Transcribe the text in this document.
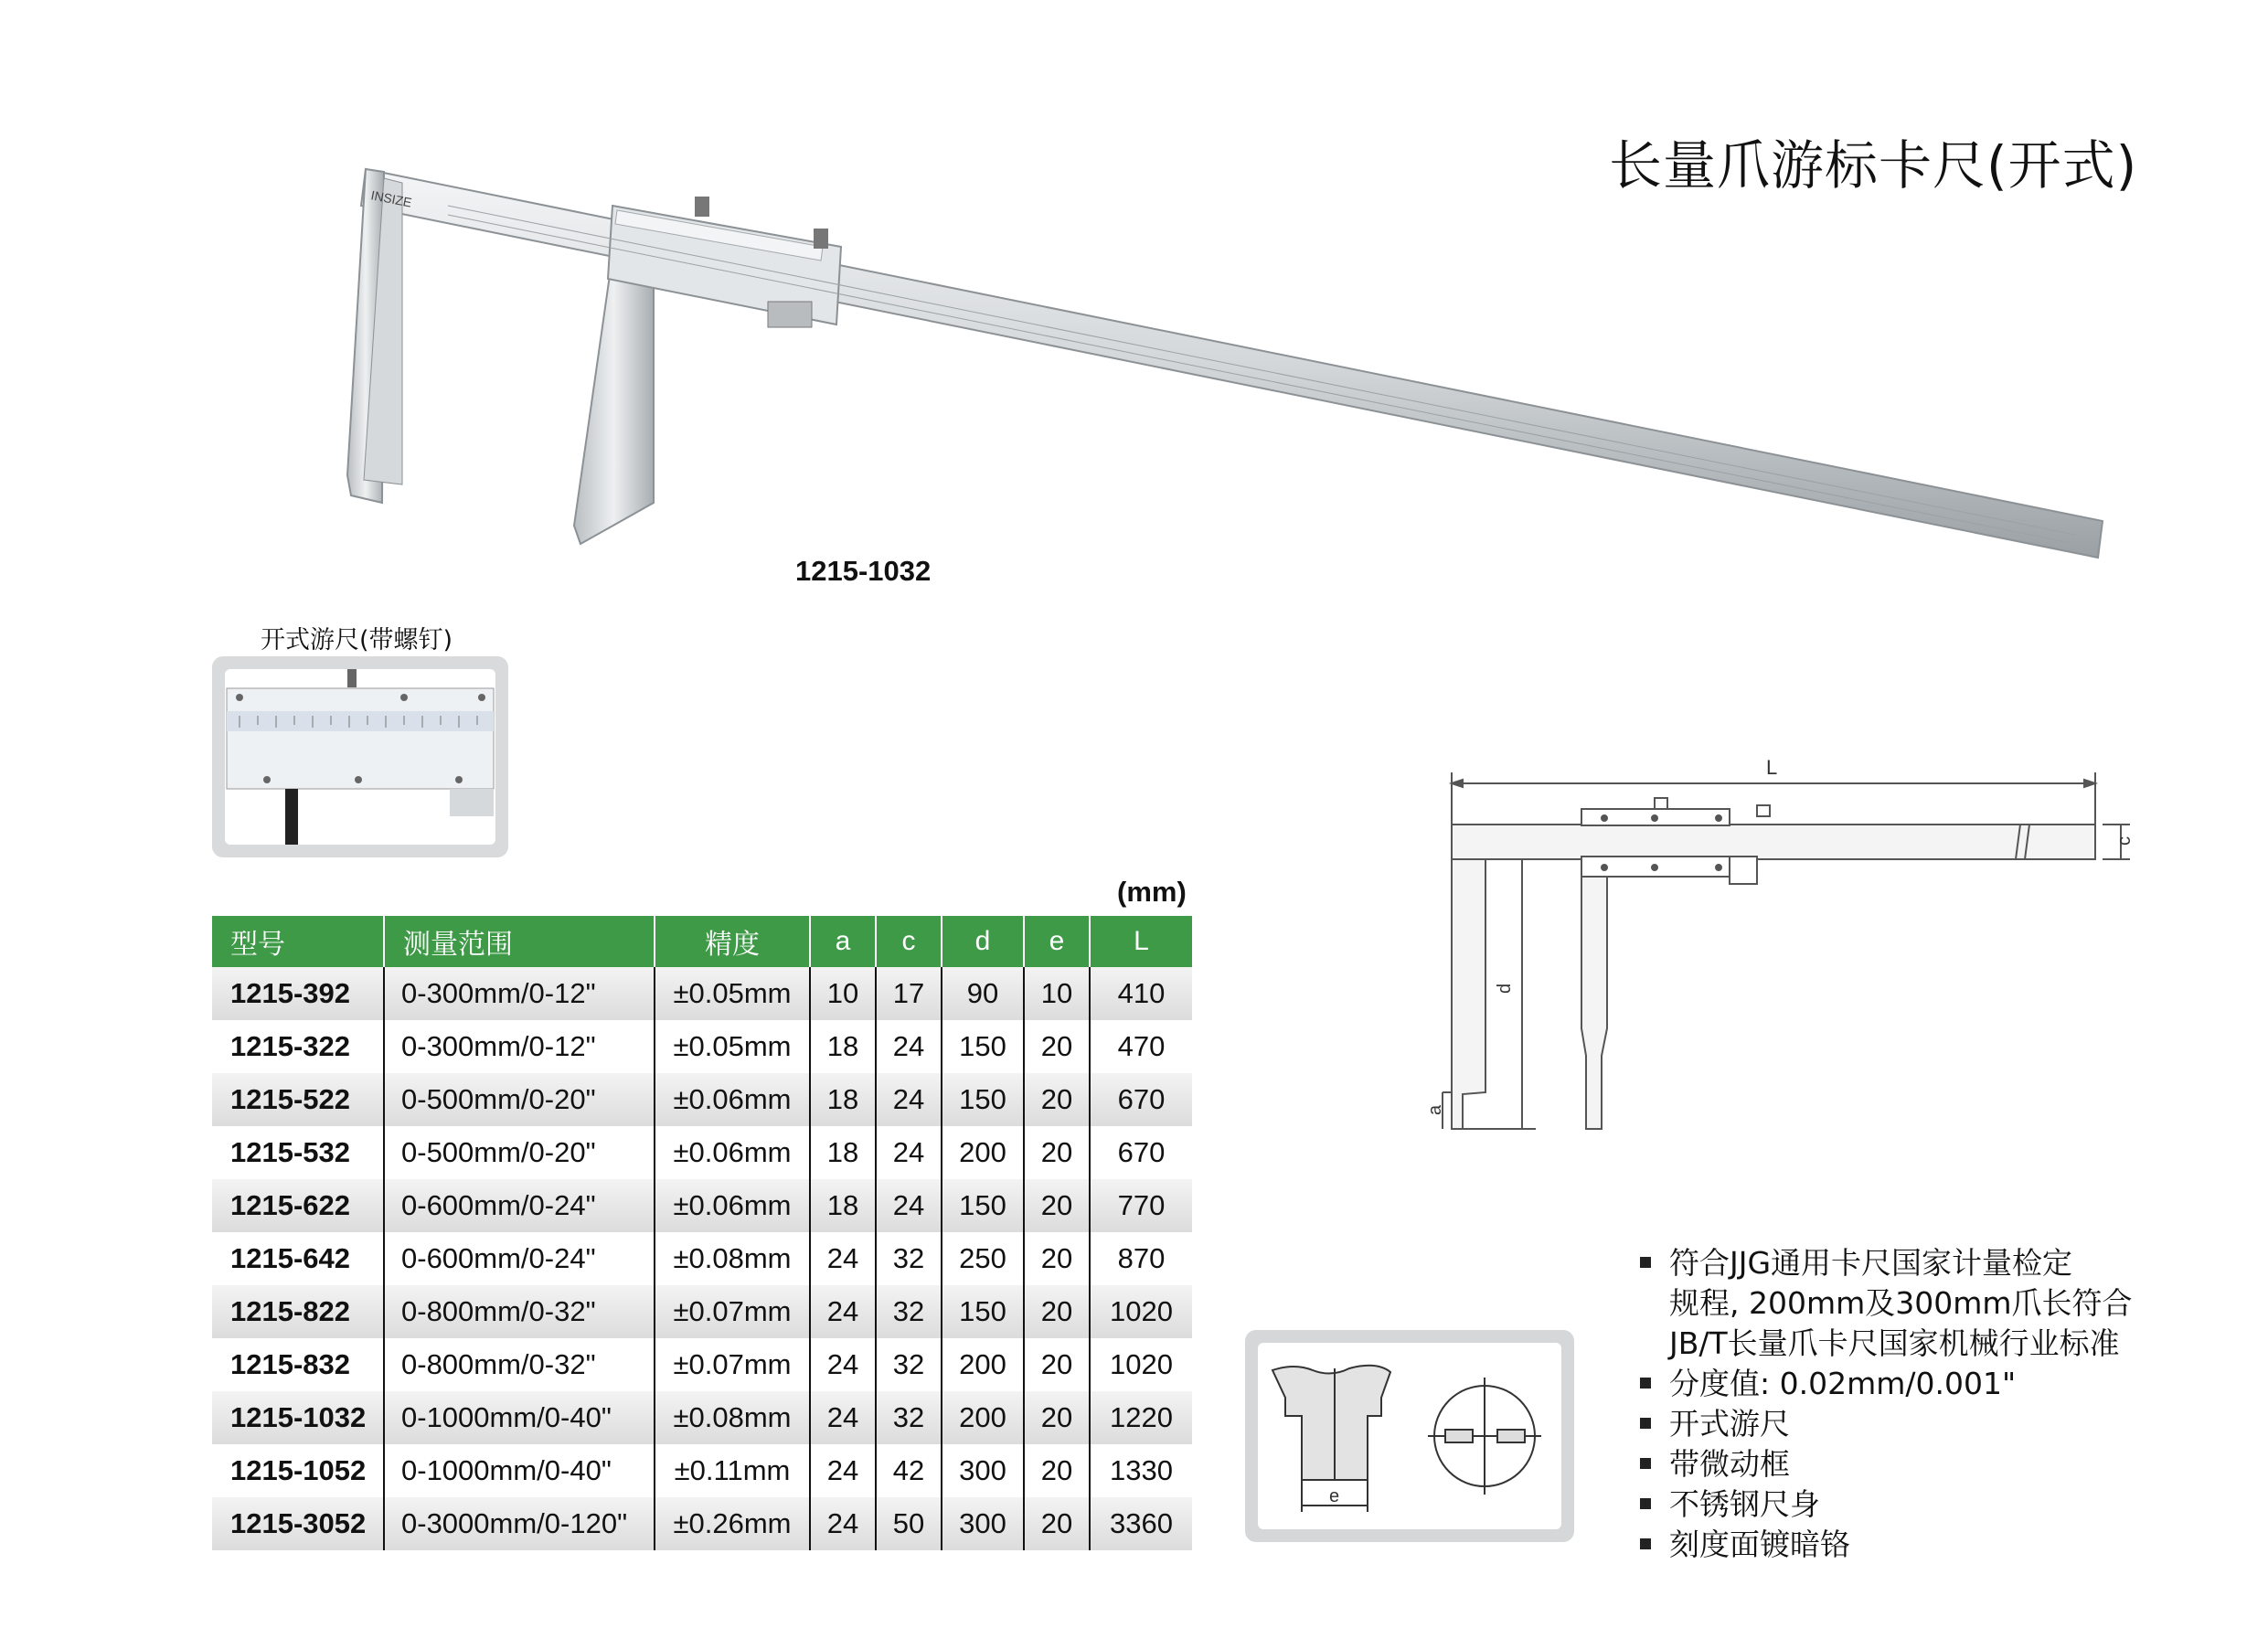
长量爪游标卡尺(开式)
INSIZE
1215-1032
开式游尺(带螺钉)
(mm)
型号	测量范围	精度	a	c	d	e	L
1215-392	0-300mm/0-12"	±0.05mm	10	17	90	10	410
1215-322	0-300mm/0-12"	±0.05mm	18	24	150	20	470
1215-522	0-500mm/0-20"	±0.06mm	18	24	150	20	670
1215-532	0-500mm/0-20"	±0.06mm	18	24	200	20	670
1215-622	0-600mm/0-24"	±0.06mm	18	24	150	20	770
1215-642	0-600mm/0-24"	±0.08mm	24	32	250	20	870
1215-822	0-800mm/0-32"	±0.07mm	24	32	150	20	1020
1215-832	0-800mm/0-32"	±0.07mm	24	32	200	20	1020
1215-1032	0-1000mm/0-40"	±0.08mm	24	32	200	20	1220
1215-1052	0-1000mm/0-40"	±0.11mm	24	42	300	20	1330
1215-3052	0-3000mm/0-120"	±0.26mm	24	50	300	20	3360
L
c
d
a
e
符合JJG通用卡尺国家计量检定
规程, 200mm及300mm爪长符合
JB/T长量爪卡尺国家机械行业标准
分度值: 0.02mm/0.001"
开式游尺
带微动框
不锈钢尺身
刻度面镀暗铬
